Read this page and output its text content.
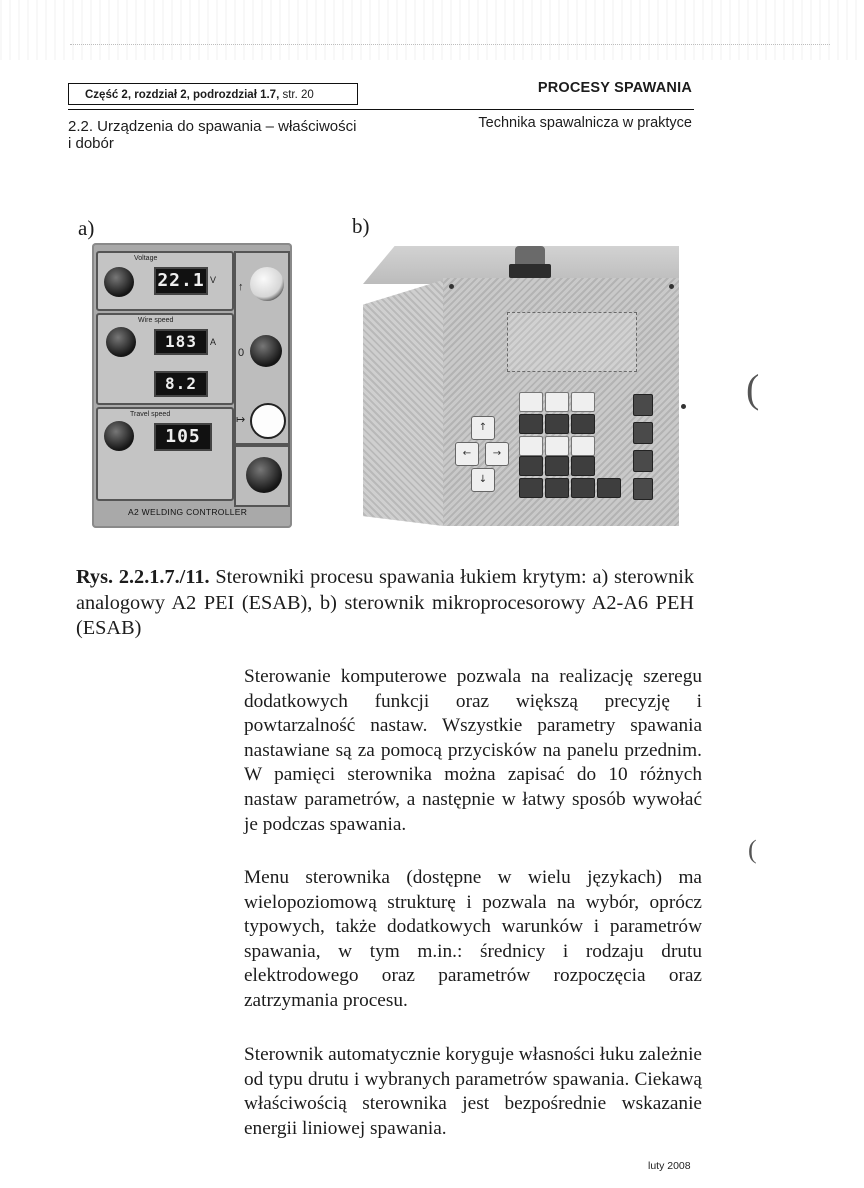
Część 2, rozdział 2, podrozdział 1.7, str. 20	PROCESY SPAWANIA
2.2. Urządzenia do spawania – właściwości i dobór
Technika spawalnicza w praktyce
a)	b)
Voltage
22.1 V
Wire speed
183	A
8.2
Travel speed
105
↑
0
↦
A2 WELDING CONTROLLER
↑
←	→
↓

Rys. 2.2.1.7./11. Sterowniki procesu spawania łukiem krytym: a) sterownik analogowy A2 PEI (ESAB), b) sterownik mikroprocesorowy A2-A6 PEH (ESAB)

Sterowanie komputerowe pozwala na realizację szeregu dodatkowych funkcji oraz większą precyzję i powtarzalność nastaw. Wszystkie parametry spawania nastawiane są za pomocą przycisków na panelu przednim. W pamięci sterownika można zapisać do 10 różnych nastaw parametrów, a następnie w łatwy sposób wywołać je podczas spawania.

Menu sterownika (dostępne w wielu językach) ma wielopoziomową strukturę i pozwala na wybór, oprócz typowych, także dodatkowych warunków i parametrów spawania, w tym m.in.: średnicy i rodzaju drutu elektrodowego oraz parametrów rozpoczęcia oraz zatrzymania procesu.

Sterownik automatycznie koryguje własności łuku zależnie od typu drutu i wybranych parametrów spawania. Ciekawą właściwością sterownika jest bezpośrednie wskazanie energii liniowej spawania.

(
(
luty 2008
